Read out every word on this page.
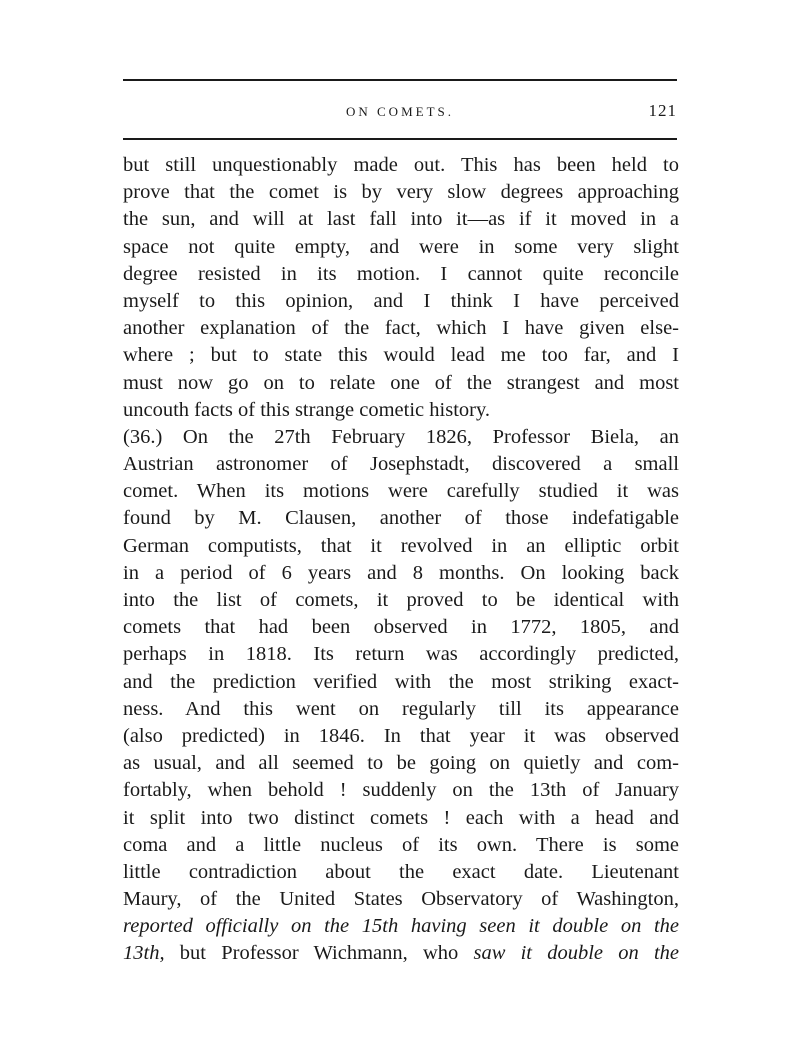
ON COMETS.	121
but still unquestionably made out. This has been held to
prove that the comet is by very slow degrees approaching
the sun, and will at last fall into it—as if it moved in a
space not quite empty, and were in some very slight
degree resisted in its motion. I cannot quite reconcile
myself to this opinion, and I think I have perceived
another explanation of the fact, which I have given else-
where ; but to state this would lead me too far, and I
must now go on to relate one of the strangest and most
uncouth facts of this strange cometic history.
(36.) On the 27th February 1826, Professor Biela, an
Austrian astronomer of Josephstadt, discovered a small
comet. When its motions were carefully studied it was
found by M. Clausen, another of those indefatigable
German computists, that it revolved in an elliptic orbit
in a period of 6 years and 8 months. On looking back
into the list of comets, it proved to be identical with
comets that had been observed in 1772, 1805, and
perhaps in 1818. Its return was accordingly predicted,
and the prediction verified with the most striking exact-
ness. And this went on regularly till its appearance
(also predicted) in 1846. In that year it was observed
as usual, and all seemed to be going on quietly and com-
fortably, when behold ! suddenly on the 13th of January
it split into two distinct comets ! each with a head and
coma and a little nucleus of its own. There is some
little contradiction about the exact date. Lieutenant
Maury, of the United States Observatory of Washington,
reported officially on the 15th having seen it double on the
13th, but Professor Wichmann, who saw it double on the
